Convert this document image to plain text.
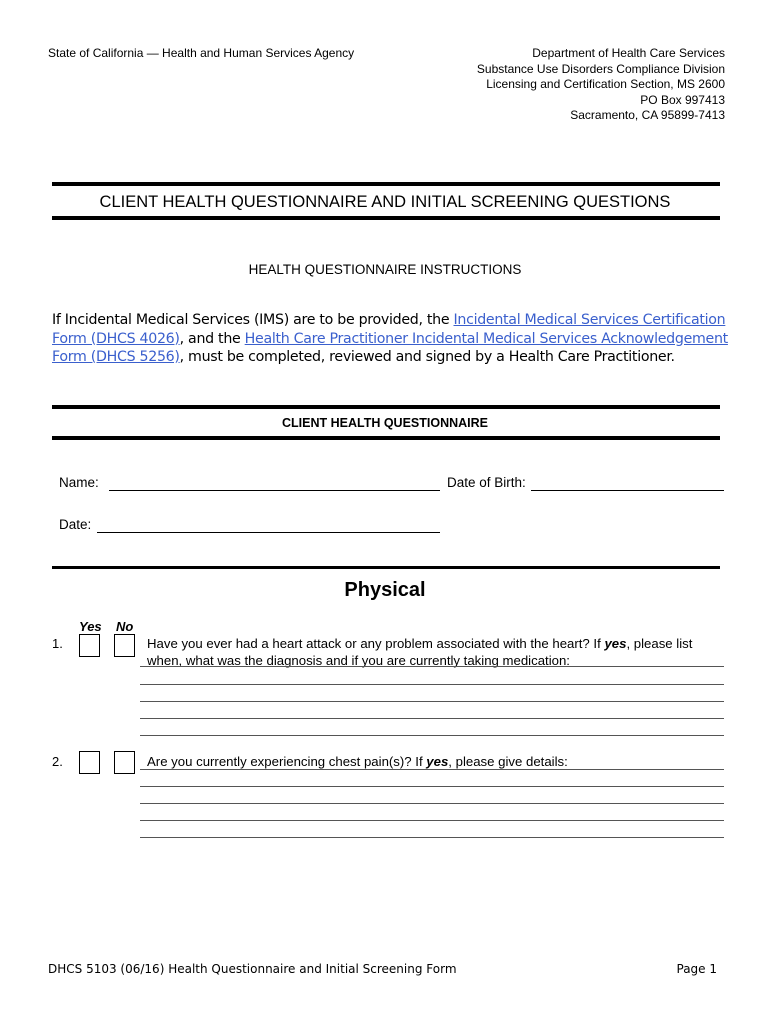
State of California — Health and Human Services Agency	Department of Health Care Services
Substance Use Disorders Compliance Division
Licensing and Certification Section, MS 2600
PO Box 997413
Sacramento, CA 95899-7413
CLIENT HEALTH QUESTIONNAIRE AND INITIAL SCREENING QUESTIONS
HEALTH QUESTIONNAIRE INSTRUCTIONS
If Incidental Medical Services (IMS) are to be provided, the Incidental Medical Services Certification Form (DHCS 4026), and the Health Care Practitioner Incidental Medical Services Acknowledgement Form (DHCS 5256), must be completed, reviewed and signed by a Health Care Practitioner.
CLIENT HEALTH QUESTIONNAIRE
Name:	Date of Birth:
Date:
Physical
Yes No
1.	Have you ever had a heart attack or any problem associated with the heart? If yes, please list when, what was the diagnosis and if you are currently taking medication:
2.	Are you currently experiencing chest pain(s)? If yes, please give details:
DHCS 5103 (06/16) Health Questionnaire and Initial Screening Form	Page 1
